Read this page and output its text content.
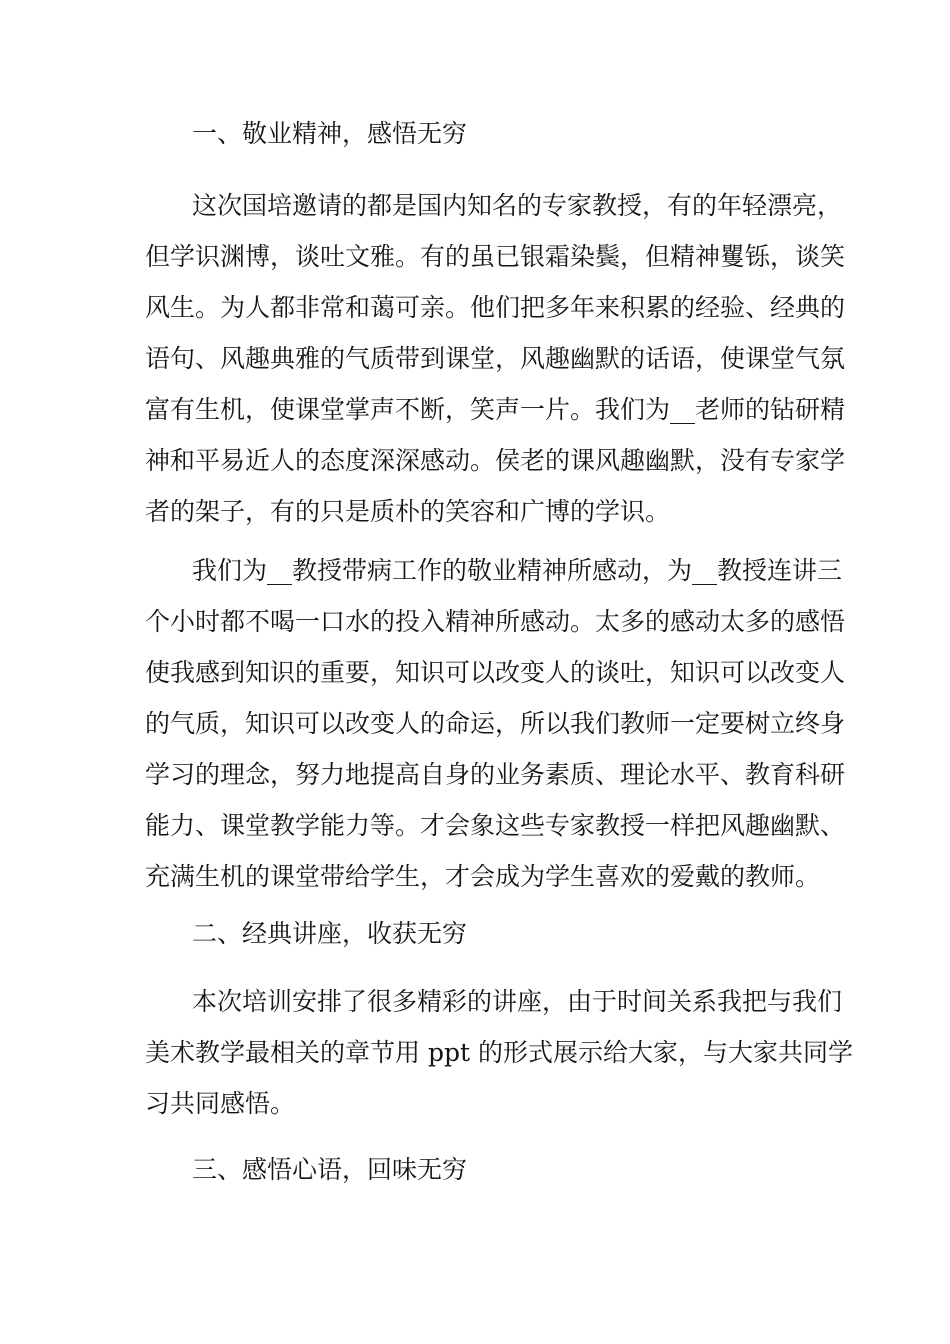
一、敬业精神，感悟无穷
这次国培邀请的都是国内知名的专家教授，有的年轻漂亮，
但学识渊博，谈吐文雅。有的虽已银霜染鬓，但精神矍铄，谈笑
风生。为人都非常和蔼可亲。他们把多年来积累的经验、经典的
语句、风趣典雅的气质带到课堂，风趣幽默的话语，使课堂气氛
富有生机，使课堂掌声不断，笑声一片。我们为__老师的钻研精
神和平易近人的态度深深感动。侯老的课风趣幽默，没有专家学
者的架子，有的只是质朴的笑容和广博的学识。
我们为__教授带病工作的敬业精神所感动，为__教授连讲三
个小时都不喝一口水的投入精神所感动。太多的感动太多的感悟
使我感到知识的重要，知识可以改变人的谈吐，知识可以改变人
的气质，知识可以改变人的命运，所以我们教师一定要树立终身
学习的理念，努力地提高自身的业务素质、理论水平、教育科研
能力、课堂教学能力等。才会象这些专家教授一样把风趣幽默、
充满生机的课堂带给学生，才会成为学生喜欢的爱戴的教师。
二、经典讲座，收获无穷
本次培训安排了很多精彩的讲座，由于时间关系我把与我们
美术教学最相关的章节用 ppt 的形式展示给大家，与大家共同学
习共同感悟。
三、感悟心语，回味无穷
